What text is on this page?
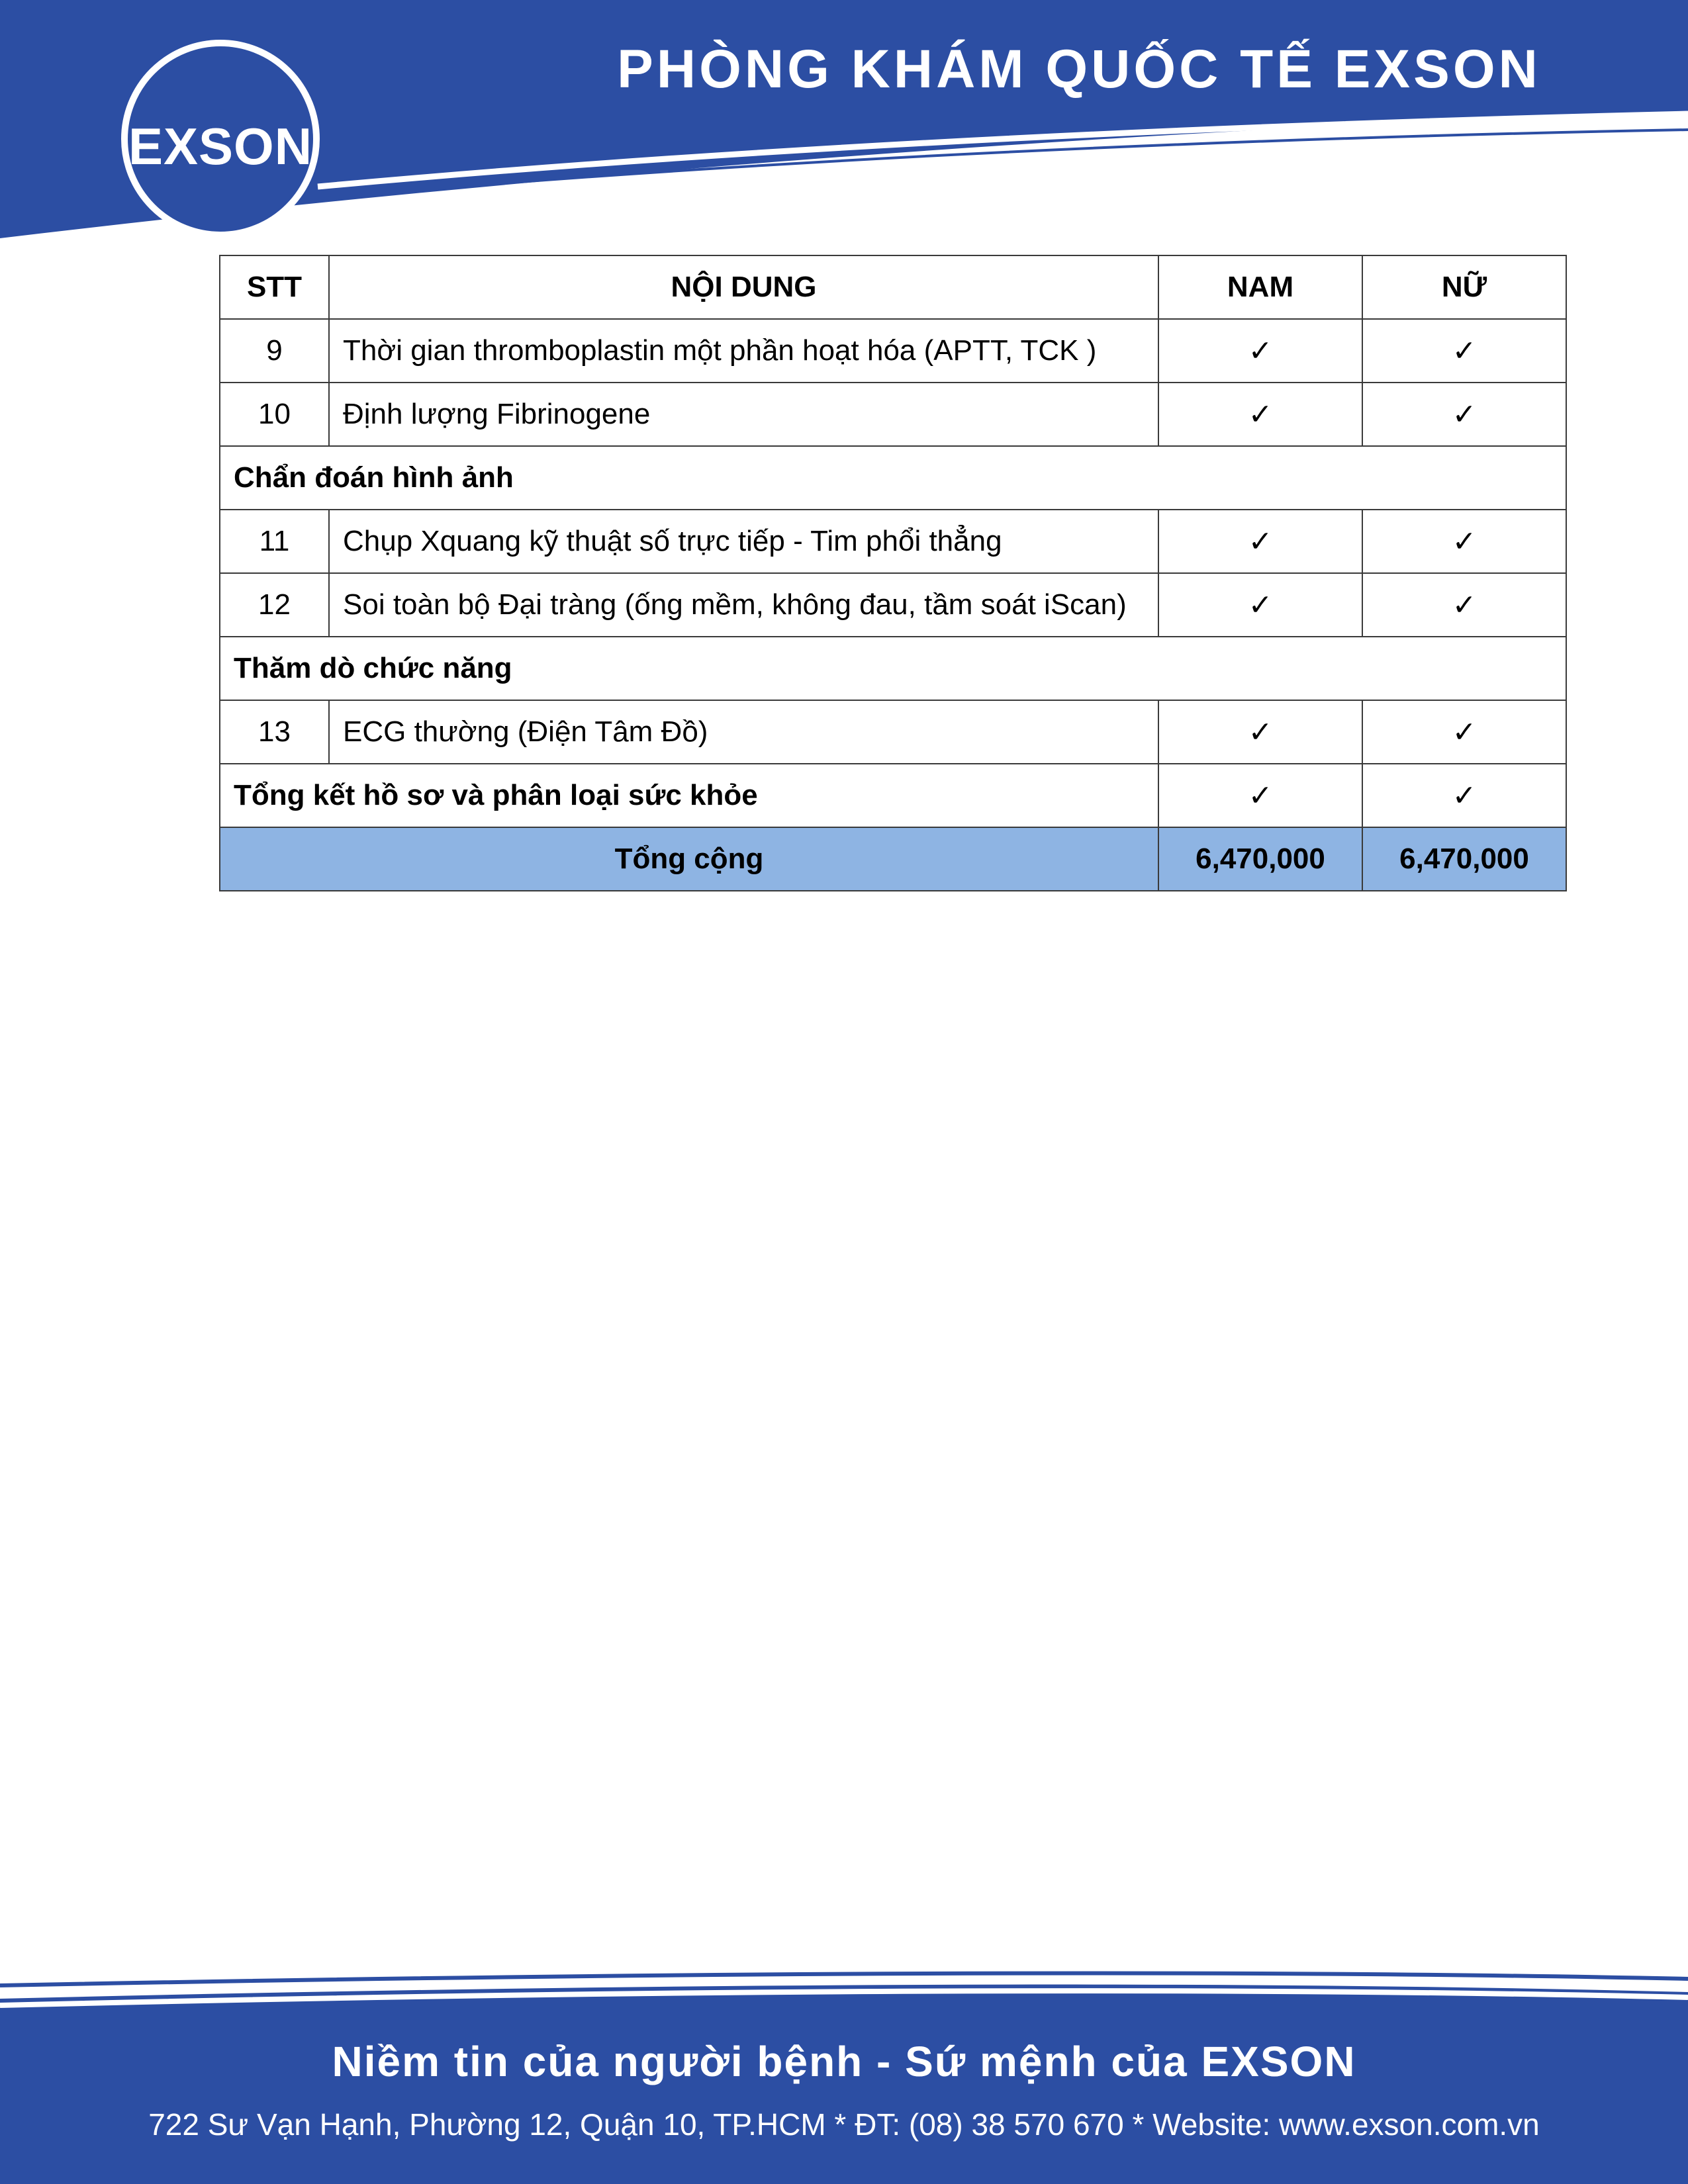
PHÒNG KHÁM QUỐC TẾ EXSON
EXSON
STT	NỘI DUNG	NAM	NỮ
9	Thời gian thromboplastin một phần hoạt hóa (APTT, TCK )	✓	✓
10	Định lượng Fibrinogene	✓	✓
Chẩn đoán hình ảnh			
11	Chụp Xquang kỹ thuật số trực tiếp - Tim phổi thẳng	✓	✓
12	Soi toàn bộ Đại tràng (ống mềm, không đau, tầm soát iScan)	✓	✓
Thăm dò chức năng			
13	ECG thường (Điện Tâm Đồ)	✓	✓
Tổng kết hồ sơ và phân loại sức khỏe		✓	✓
Tổng cộng		6,470,000	6,470,000
Niềm tin của người bệnh - Sứ mệnh của EXSON
722 Sư Vạn Hạnh, Phường 12, Quận 10, TP.HCM * ĐT: (08) 38 570 670 * Website: www.exson.com.vn
